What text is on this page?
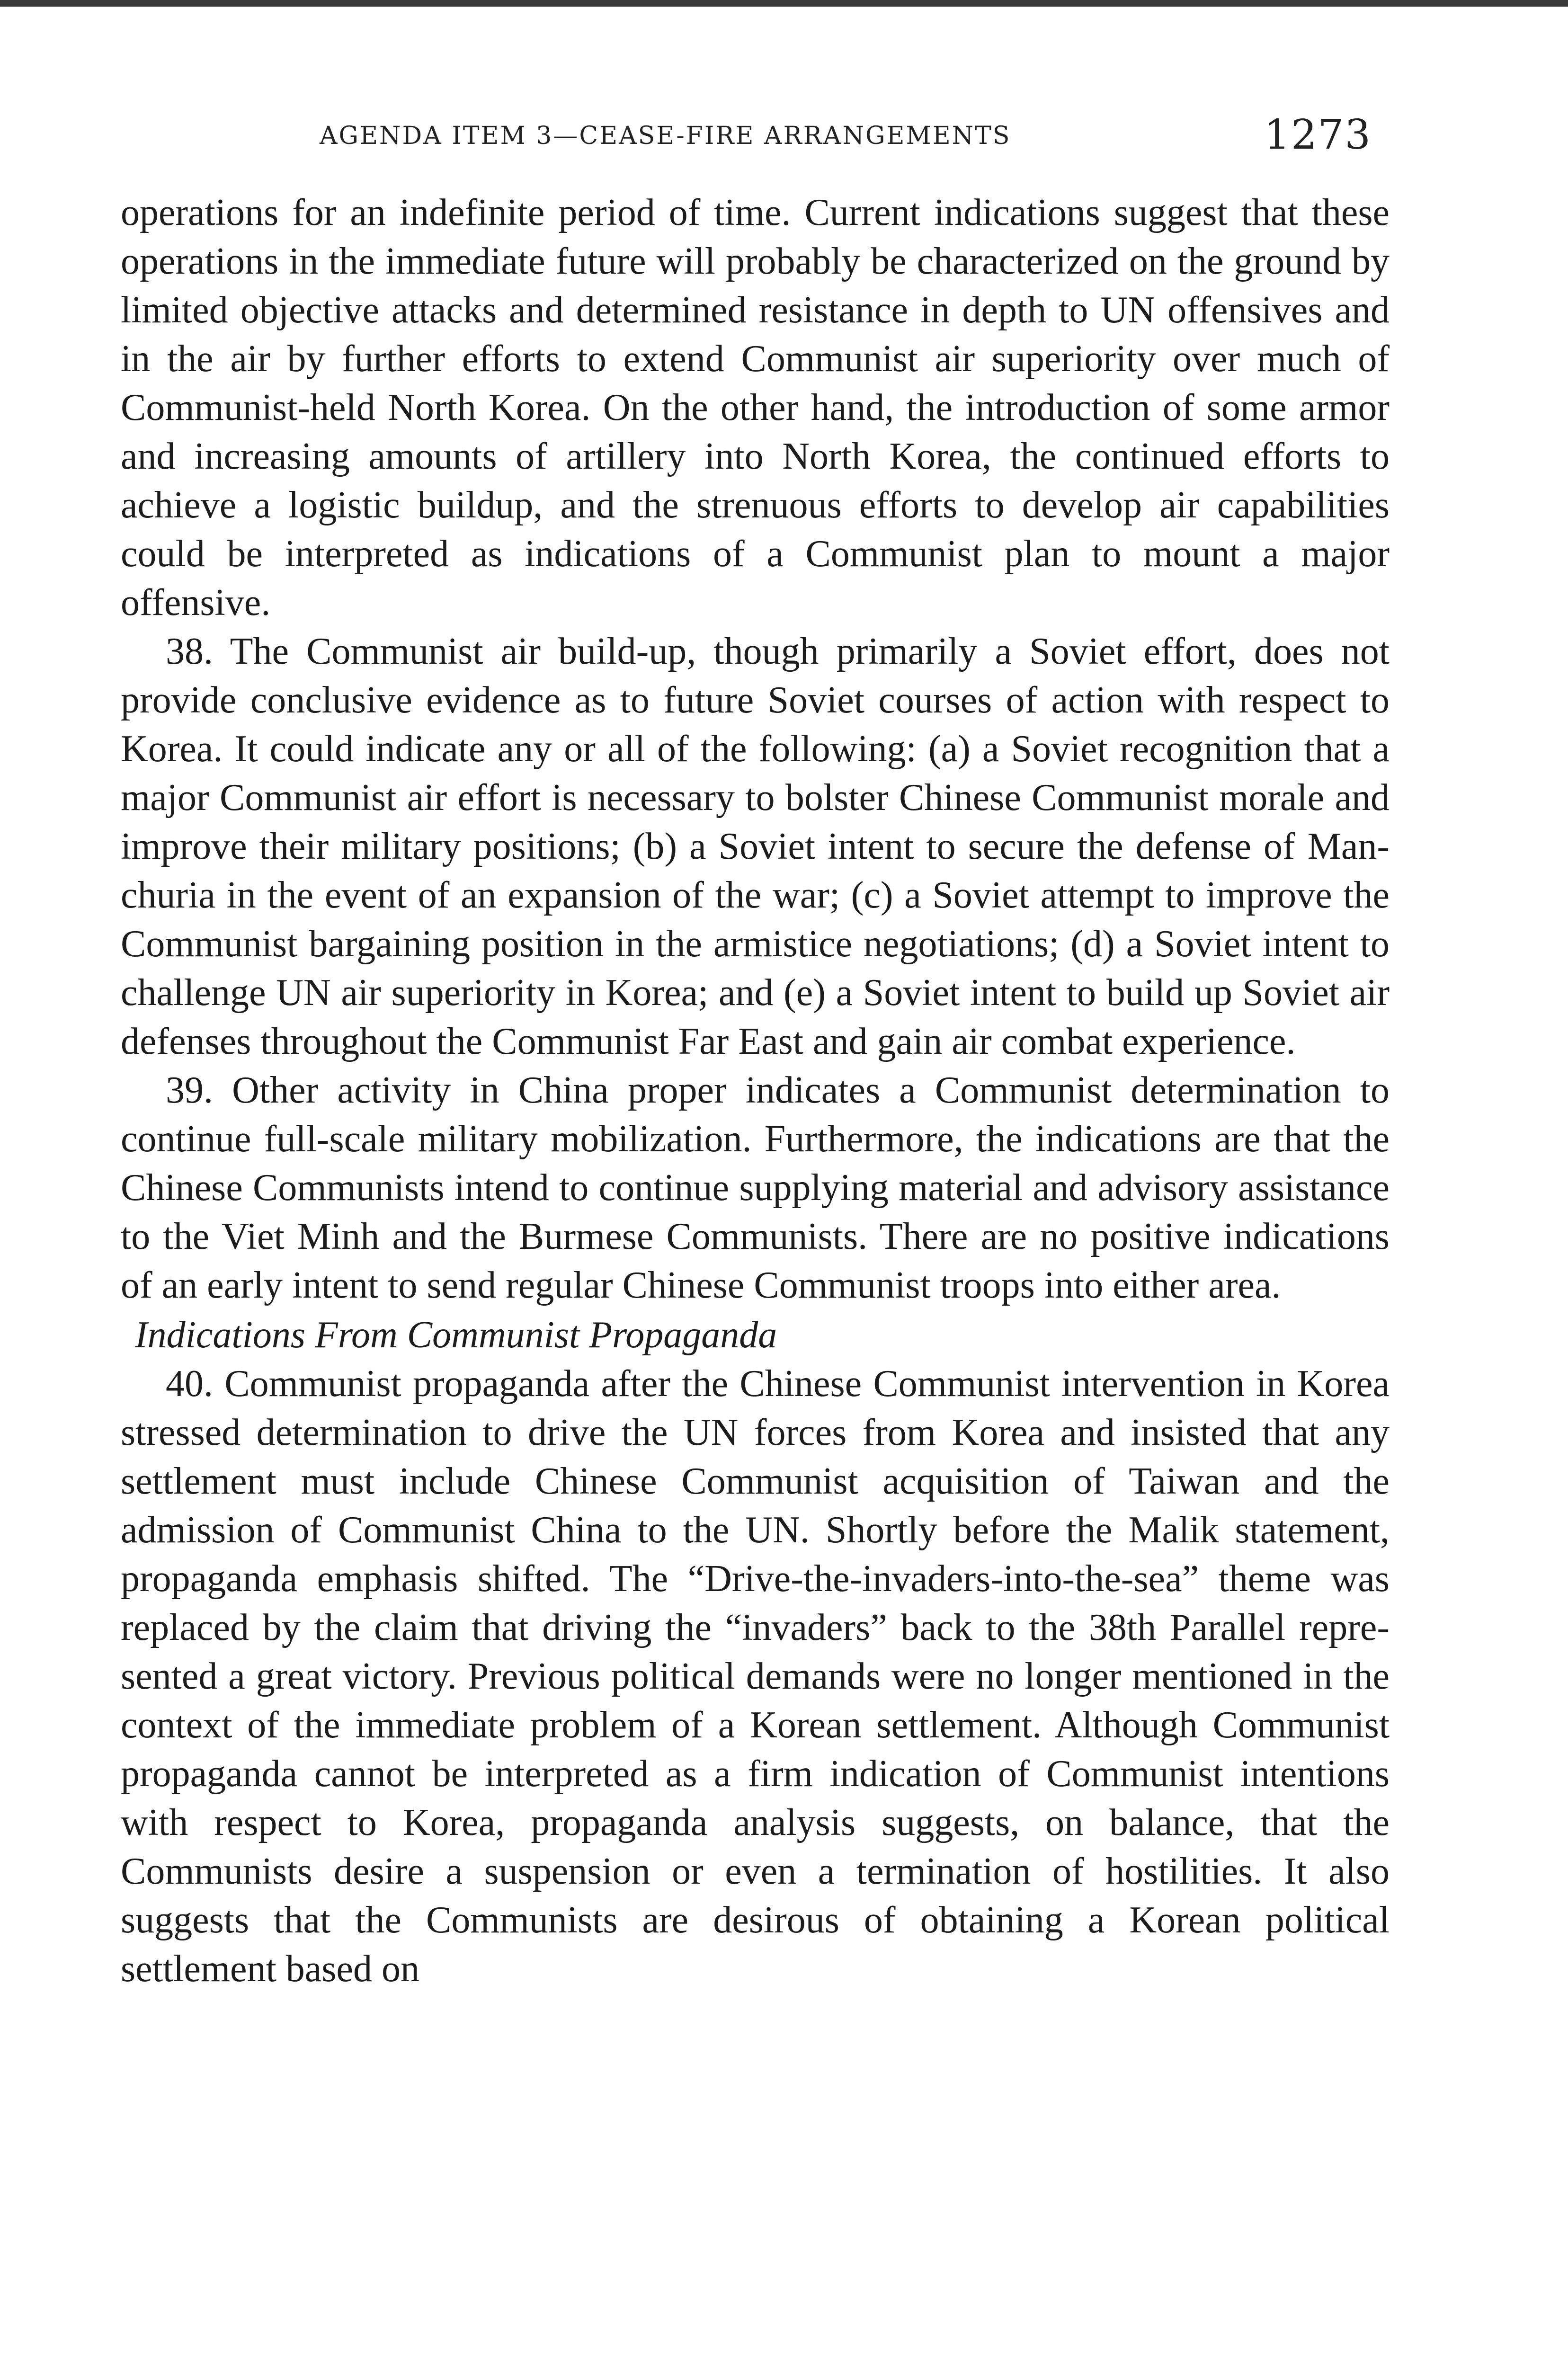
AGENDA ITEM 3—CEASE-FIRE ARRANGEMENTS	1273

operations for an indefinite period of time. Current indications suggest that these operations in the immediate future will probably be characterized on the ground by limited objective attacks and determined resistance in depth to UN offensives and in the air by further efforts to extend Communist air superiority over much of Communist-held North Korea. On the other hand, the introduction of some armor and increasing amounts of artillery into North Korea, the continued efforts to achieve a logistic buildup, and the strenuous efforts to develop air capabilities could be interpreted as indications of a Communist plan to mount a major offensive.

38. The Communist air build-up, though primarily a Soviet effort, does not provide conclusive evidence as to future Soviet courses of action with respect to Korea. It could indicate any or all of the following: (a) a Soviet recognition that a major Communist air effort is necessary to bolster Chinese Communist morale and improve their military positions; (b) a Soviet intent to secure the defense of Manchuria in the event of an expansion of the war; (c) a Soviet attempt to improve the Communist bargaining position in the armistice negotiations; (d) a Soviet intent to challenge UN air superiority in Korea; and (e) a Soviet intent to build up Soviet air defenses throughout the Communist Far East and gain air combat experience.

39. Other activity in China proper indicates a Communist determination to continue full-scale military mobilization. Furthermore, the indications are that the Chinese Communists intend to continue supplying material and advisory assistance to the Viet Minh and the Burmese Communists. There are no positive indications of an early intent to send regular Chinese Communist troops into either area.

Indications From Communist Propaganda

40. Communist propaganda after the Chinese Communist intervention in Korea stressed determination to drive the UN forces from Korea and insisted that any settlement must include Chinese Communist acquisition of Taiwan and the admission of Communist China to the UN. Shortly before the Malik statement, propaganda emphasis shifted. The “Drive-the-invaders-into-the-sea” theme was replaced by the claim that driving the “invaders” back to the 38th Parallel represented a great victory. Previous political demands were no longer mentioned in the context of the immediate problem of a Korean settlement. Although Communist propaganda cannot be interpreted as a firm indication of Communist intentions with respect to Korea, propaganda analysis suggests, on balance, that the Communists desire a suspension or even a termination of hostilities. It also suggests that the Communists are desirous of obtaining a Korean political settlement based on
